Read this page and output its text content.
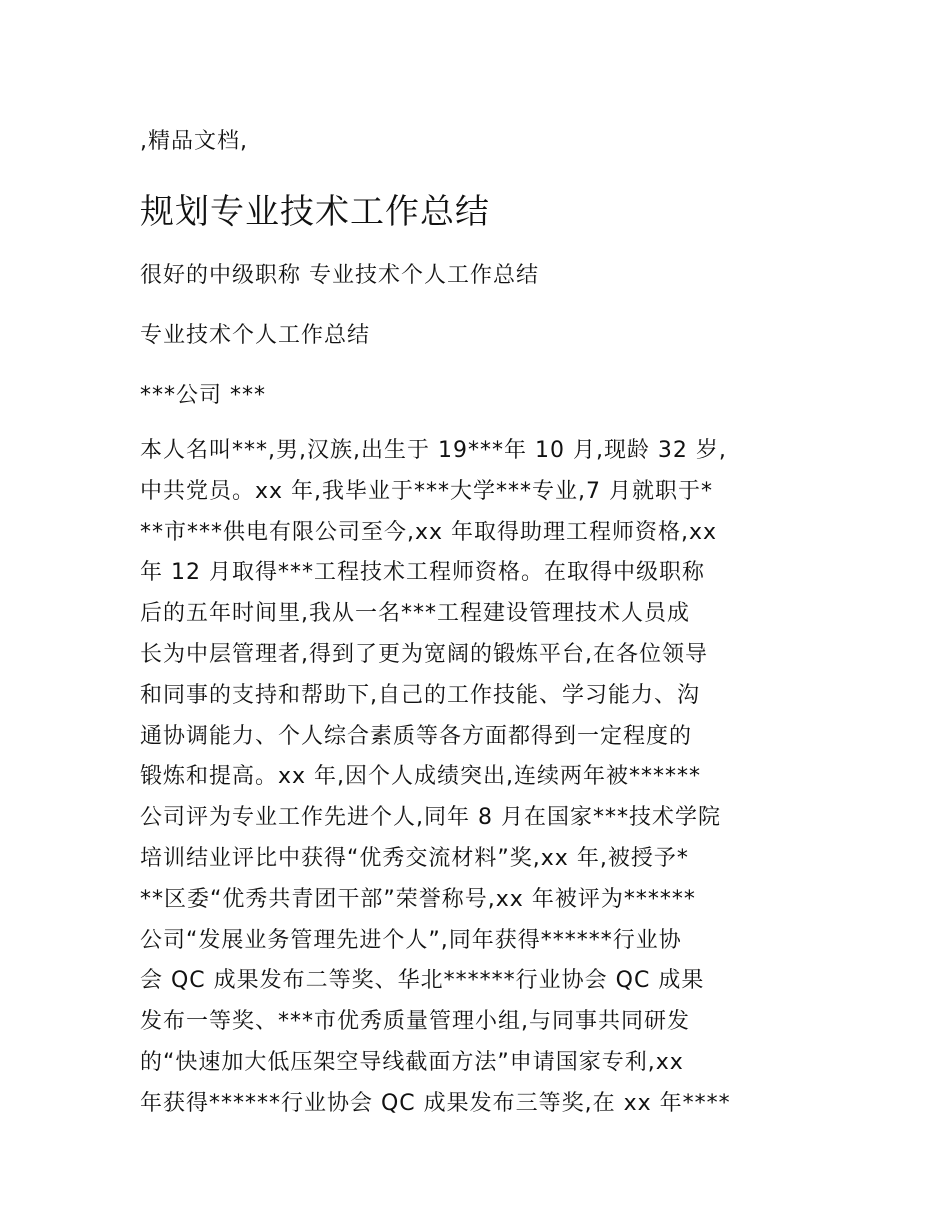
,精品文档,
规划专业技术工作总结
很好的中级职称 专业技术个人工作总结
专业技术个人工作总结
***公司 ***
本人名叫***,男,汉族,出生于 19***年 10 月,现龄 32 岁,
中共党员。xx 年,我毕业于***大学***专业,7 月就职于*
**市***供电有限公司至今,xx 年取得助理工程师资格,xx
年 12 月取得***工程技术工程师资格。在取得中级职称
后的五年时间里,我从一名***工程建设管理技术人员成
长为中层管理者,得到了更为宽阔的锻炼平台,在各位领导
和同事的支持和帮助下,自己的工作技能、学习能力、沟
通协调能力、个人综合素质等各方面都得到一定程度的
锻炼和提高。xx 年,因个人成绩突出,连续两年被******
公司评为专业工作先进个人,同年 8 月在国家***技术学院
培训结业评比中获得“优秀交流材料”奖,xx 年,被授予*
**区委“优秀共青团干部”荣誉称号,xx 年被评为******
公司“发展业务管理先进个人”,同年获得******行业协
会 QC 成果发布二等奖、华北******行业协会 QC 成果
发布一等奖、***市优秀质量管理小组,与同事共同研发
的“快速加大低压架空导线截面方法”申请国家专利,xx
年获得******行业协会 QC 成果发布三等奖,在 xx 年****
